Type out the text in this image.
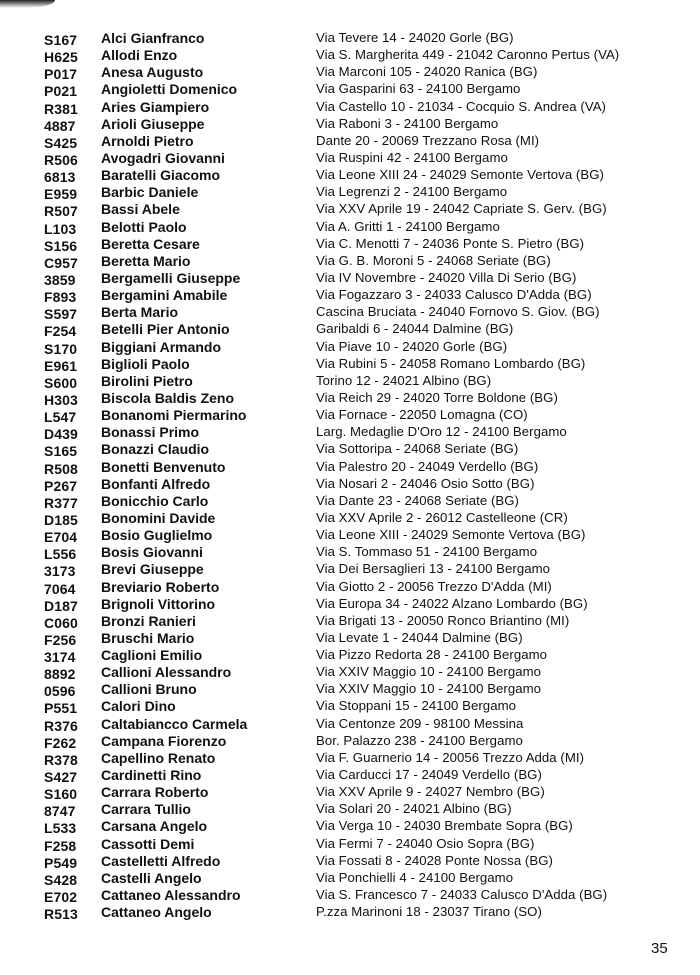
S167 Alci Gianfranco	Via Tevere 14 - 24020 Gorle (BG)
H625 Allodi Enzo	Via S. Margherita 449 - 21042 Caronno Pertus (VA)
P017 Anesa Augusto	Via Marconi 105 - 24020 Ranica (BG)
P021 Angioletti Domenico	Via Gasparini 63 - 24100 Bergamo
R381 Aries Giampiero	Via Castello 10 - 21034 - Cocquio S. Andrea (VA)
4887 Arioli Giuseppe	Via Raboni 3 - 24100 Bergamo
S425 Arnoldi Pietro	Dante 20 - 20069 Trezzano Rosa (MI)
R506 Avogadri Giovanni	Via Ruspini 42 - 24100 Bergamo
6813 Baratelli Giacomo	Via Leone XIII 24 - 24029 Semonte Vertova (BG)
E959 Barbic Daniele	Via Legrenzi 2 - 24100 Bergamo
R507 Bassi Abele	Via XXV Aprile 19 - 24042 Capriate S. Gerv. (BG)
L103 Belotti Paolo	Via A. Gritti 1 - 24100 Bergamo
S156 Beretta Cesare	Via C. Menotti 7 - 24036 Ponte S. Pietro (BG)
C957 Beretta Mario	Via G. B. Moroni 5 - 24068 Seriate (BG)
3859 Bergamelli Giuseppe	Via IV Novembre - 24020 Villa Di Serio (BG)
F893 Bergamini Amabile	Via Fogazzaro 3 - 24033 Calusco D'Adda (BG)
S597 Berta Mario	Cascina Bruciata - 24040 Fornovo S. Giov. (BG)
F254 Betelli Pier Antonio	Garibaldi 6 - 24044 Dalmine (BG)
S170 Biggiani Armando	Via Piave 10 - 24020 Gorle (BG)
E961 Biglioli Paolo	Via Rubini 5 - 24058 Romano Lombardo (BG)
S600 Birolini Pietro	Torino 12 - 24021 Albino (BG)
H303 Biscola Baldis Zeno	Via Reich 29 - 24020 Torre Boldone (BG)
L547 Bonanomi Piermarino	Via Fornace - 22050 Lomagna (CO)
D439 Bonassi Primo	Larg. Medaglie D'Oro 12 - 24100 Bergamo
S165 Bonazzi Claudio	Via Sottoripa - 24068 Seriate (BG)
R508 Bonetti Benvenuto	Via Palestro 20 - 24049 Verdello (BG)
P267 Bonfanti Alfredo	Via Nosari 2 - 24046 Osio Sotto (BG)
R377 Bonicchio Carlo	Via Dante 23 - 24068 Seriate (BG)
D185 Bonomini Davide	Via XXV Aprile 2 - 26012 Castelleone (CR)
E704 Bosio Guglielmo	Via Leone XIII - 24029 Semonte Vertova (BG)
L556 Bosis Giovanni	Via S. Tommaso 51 - 24100 Bergamo
3173 Brevi Giuseppe	Via Dei Bersaglieri 13 - 24100 Bergamo
7064 Breviario Roberto	Via Giotto 2 - 20056 Trezzo D'Adda (MI)
D187 Brignoli Vittorino	Via Europa 34 - 24022 Alzano Lombardo (BG)
C060 Bronzi Ranieri	Via Brigati 13 - 20050 Ronco Briantino (MI)
F256 Bruschi Mario	Via Levate 1 - 24044 Dalmine (BG)
3174 Caglioni Emilio	Via Pizzo Redorta 28 - 24100 Bergamo
8892 Callioni Alessandro	Via XXIV Maggio 10 - 24100 Bergamo
0596 Callioni Bruno	Via XXIV Maggio 10 - 24100 Bergamo
P551 Calori Dino	Via Stoppani 15 - 24100 Bergamo
R376 Caltabiancco Carmela	Via Centonze 209 - 98100 Messina
F262 Campana Fiorenzo	Bor. Palazzo 238 - 24100 Bergamo
R378 Capellino Renato	Via F. Guarnerio 14 - 20056 Trezzo Adda (MI)
S427 Cardinetti Rino	Via Carducci 17 - 24049 Verdello (BG)
S160 Carrara Roberto	Via XXV Aprile 9 - 24027 Nembro (BG)
8747 Carrara Tullio	Via Solari 20 - 24021 Albino (BG)
L533 Carsana Angelo	Via Verga 10 - 24030 Brembate Sopra (BG)
F258 Cassotti Demi	Via Fermi 7 - 24040 Osio Sopra (BG)
P549 Castelletti Alfredo	Via Fossati 8 - 24028 Ponte Nossa (BG)
S428 Castelli Angelo	Via Ponchielli 4 - 24100 Bergamo
E702 Cattaneo Alessandro	Via S. Francesco 7 - 24033 Calusco D'Adda (BG)
R513 Cattaneo Angelo	P.zza Marinoni 18 - 23037 Tirano (SO)
35
